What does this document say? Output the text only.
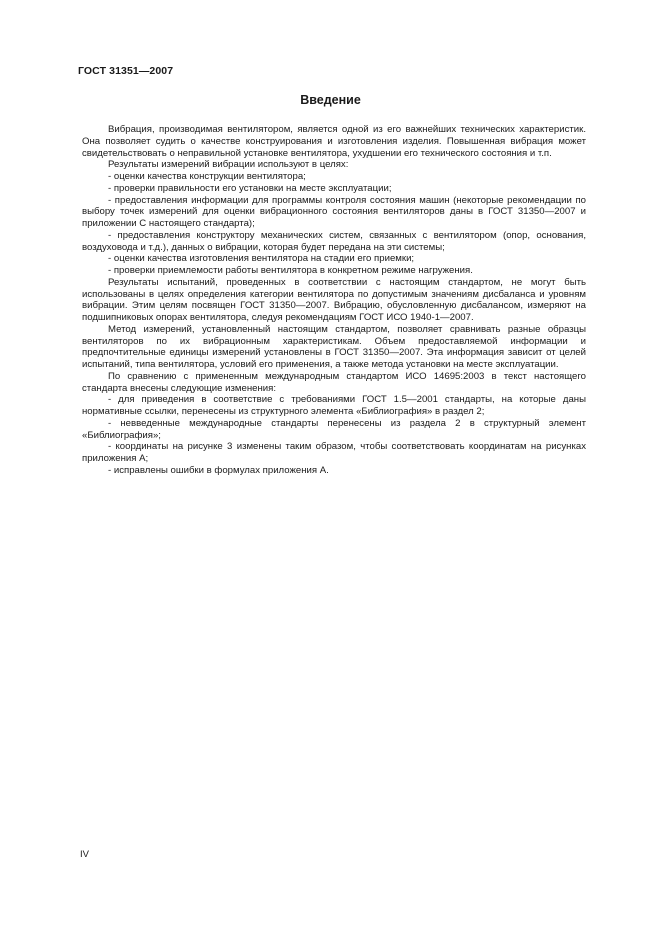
ГОСТ 31351—2007
Введение

Вибрация, производимая вентилятором, является одной из его важнейших технических характеристик. Она позволяет судить о качестве конструирования и изготовления изделия. Повышенная вибрация может свидетельствовать о неправильной установке вентилятора, ухудшении его технического состояния и т.п.

Результаты измерений вибрации используют в целях:

- оценки качества конструкции вентилятора;

- проверки правильности его установки на месте эксплуатации;

- предоставления информации для программы контроля состояния машин (некоторые рекомендации по выбору точек измерений для оценки вибрационного состояния вентиляторов даны в ГОСТ 31350—2007 и приложении С настоящего стандарта);

- предоставления конструктору механических систем, связанных с вентилятором (опор, основания, воздуховода и т.д.), данных о вибрации, которая будет передана на эти системы;

- оценки качества изготовления вентилятора на стадии его приемки;

- проверки приемлемости работы вентилятора в конкретном режиме нагружения.

Результаты испытаний, проведенных в соответствии с настоящим стандартом, не могут быть использованы в целях определения категории вентилятора по допустимым значениям дисбаланса и уровням вибрации. Этим целям посвящен ГОСТ 31350—2007. Вибрацию, обусловленную дисбалансом, измеряют на подшипниковых опорах вентилятора, следуя рекомендациям ГОСТ ИСО 1940-1—2007.

Метод измерений, установленный настоящим стандартом, позволяет сравнивать разные образцы вентиляторов по их вибрационным характеристикам. Объем предоставляемой информации и предпочтительные единицы измерений установлены в ГОСТ 31350—2007. Эта информация зависит от целей испытаний, типа вентилятора, условий его применения, а также метода установки на месте эксплуатации.

По сравнению с примененным международным стандартом ИСО 14695:2003 в текст настоящего стандарта внесены следующие изменения:

- для приведения в соответствие с требованиями ГОСТ 1.5—2001 стандарты, на которые даны нормативные ссылки, перенесены из структурного элемента «Библиография» в раздел 2;

- невведенные международные стандарты перенесены из раздела 2 в структурный элемент «Библиография»;

- координаты на рисунке 3 изменены таким образом, чтобы соответствовать координатам на рисунках приложения А;

- исправлены ошибки в формулах приложения А.

IV
